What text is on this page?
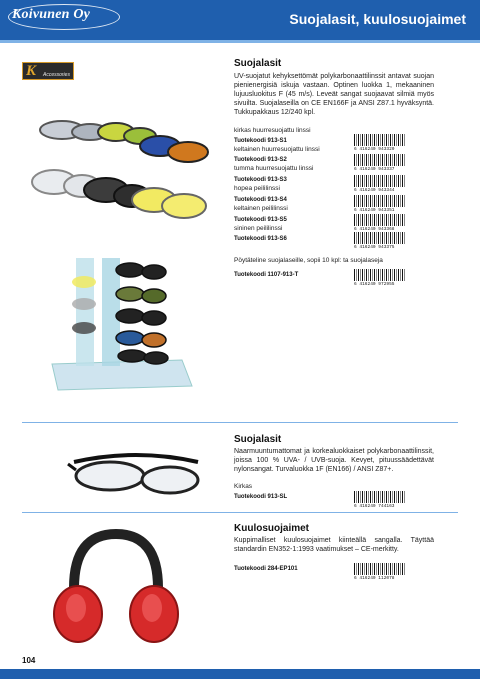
Koivunen Oy	Suojalasit, kuulosuojaimet
K Accessories
Suojalasit
UV-suojatut kehyksettömät polykarbonaattilinssit antavat suojan pienienergisiä iskuja vastaan. Optinen luokka 1, mekaaninen lujuusluokitus F (45 m/s). Leveät sangat suojaavat silmiä myös sivuilta. Suojalaseilla on CE EN166F ja ANSI Z87.1 hyväksyntä. Tukkupakkaus 12/240 kpl.
kirkas huurresuojattu linssi
Tuotekoodi 913-S1
keltainen huurresuojattu linssi	6 416240 943320
Tuotekoodi 913-S2
tumma huurresuojattu linssi	6 416240 943337
Tuotekoodi 913-S3
hopea peililinssi	6 416240 943344
Tuotekoodi 913-S4
keltainen peililinssi	6 416240 943351
Tuotekoodi 913-S5
sininen peililinssi	6 416240 943368
Tuotekoodi 913-S6
6 416240 943375
Pöytäteline suojalaseille, sopii 10 kpl: ta suojalaseja
Tuotekoodi 1107-913-T
6 416240 972955
Suojalasit
Naarmuuntumattomat ja korkealuokkaiset polykarbonaattilinssit, joissa 100 % UVA- / UVB-suoja. Kevyet, pituussäädettävät nylonsangat. Turvaluokka 1F (EN166) / ANSI Z87+.
Kirkas
Tuotekoodi 913-SL
6 416240 744163
Kuulosuojaimet
Kuppimalliset kuulosuojaimet kiinteällä sangalla. Täyttää standardin EN352-1:1993 vaatimukset – CE-merkitty.
Tuotekoodi 284-EP101
6 416240 112078
104
